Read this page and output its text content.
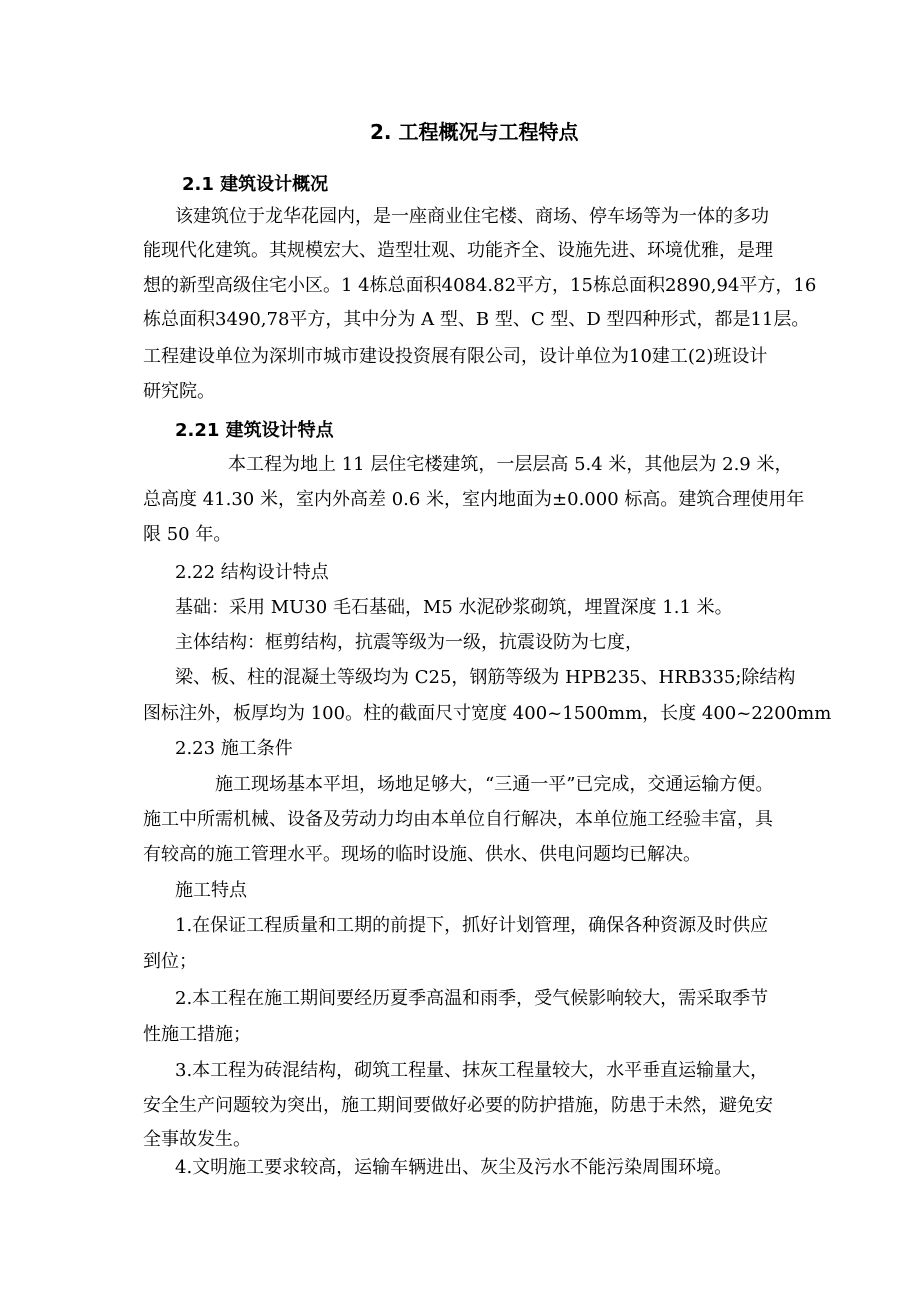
2. 工程概况与工程特点
2.1 建筑设计概况
该建筑位于龙华花园内，是一座商业住宅楼、商场、停车场等为一体的多功
能现代化建筑。其规模宏大、造型壮观、功能齐全、设施先进、环境优雅，是理
想的新型高级住宅小区。1 4栋总面积4084.82平方，15栋总面积2890,94平方，16
栋总面积3490,78平方，其中分为 A 型、B 型、C 型、D 型四种形式，都是11层。
工程建设单位为深圳市城市建设投资展有限公司，设计单位为10建工(2)班设计
研究院。
2.21 建筑设计特点
本工程为地上 11 层住宅楼建筑，一层层高 5.4 米，其他层为 2.9 米，
总高度 41.30 米，室内外高差 0.6 米，室内地面为±0.000 标高。建筑合理使用年
限 50 年。
2.22 结构设计特点
基础：采用 MU30 毛石基础，M5 水泥砂浆砌筑，埋置深度 1.1 米。
主体结构：框剪结构，抗震等级为一级，抗震设防为七度，
梁、板、柱的混凝土等级均为 C25，钢筋等级为 HPB235、HRB335;除结构
图标注外，板厚均为 100。柱的截面尺寸宽度 400~1500mm，长度 400~2200mm
2.23 施工条件
施工现场基本平坦，场地足够大，“三通一平”已完成，交通运输方便。
施工中所需机械、设备及劳动力均由本单位自行解决，本单位施工经验丰富，具
有较高的施工管理水平。现场的临时设施、供水、供电问题均已解决。
施工特点
1.在保证工程质量和工期的前提下，抓好计划管理，确保各种资源及时供应
到位；
2.本工程在施工期间要经历夏季高温和雨季，受气候影响较大，需采取季节
性施工措施；
3.本工程为砖混结构，砌筑工程量、抹灰工程量较大，水平垂直运输量大，
安全生产问题较为突出，施工期间要做好必要的防护措施，防患于未然，避免安
全事故发生。
4.文明施工要求较高，运输车辆进出、灰尘及污水不能污染周围环境。
